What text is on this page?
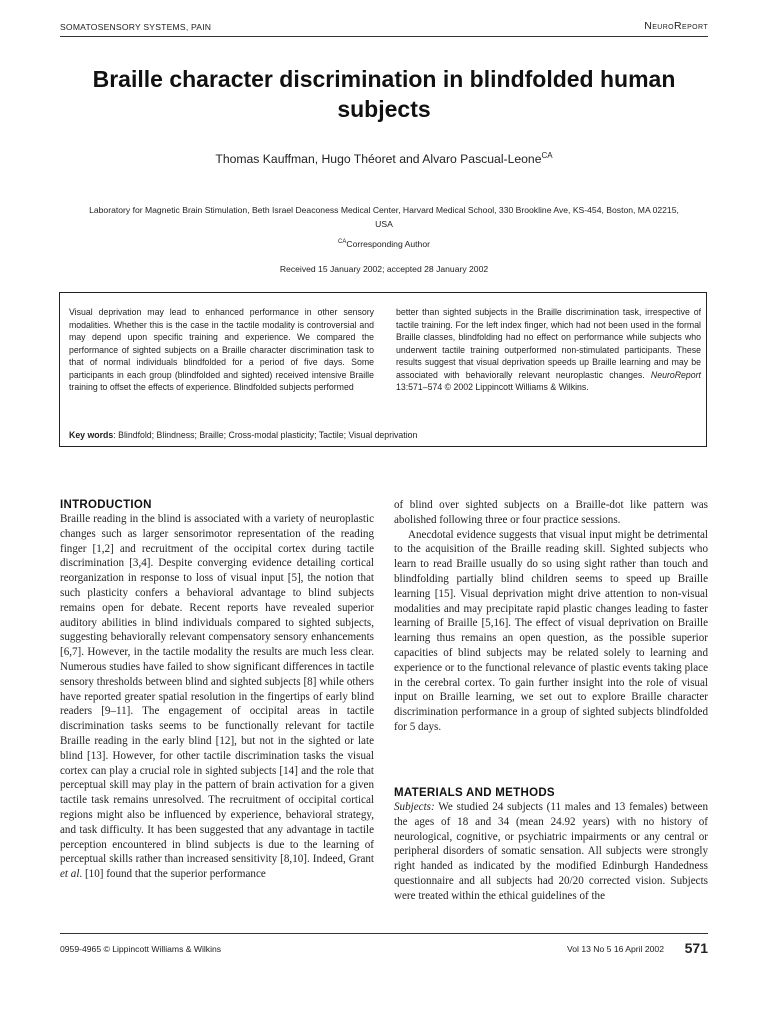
SOMATOSENSORY SYSTEMS, PAIN	NeuroReport
Braille character discrimination in blindfolded human subjects
Thomas Kauffman, Hugo Théoret and Alvaro Pascual-Leone$^{CA}$
Laboratory for Magnetic Brain Stimulation, Beth Israel Deaconess Medical Center, Harvard Medical School, 330 Brookline Ave, KS-454, Boston, MA 02215, USA
$^{CA}$Corresponding Author
Received 15 January 2002; accepted 28 January 2002

Visual deprivation may lead to enhanced performance in other sensory modalities. Whether this is the case in the tactile modality is controversial and may depend upon specific training and experience. We compared the performance of sighted subjects on a Braille character discrimination task to that of normal individuals blindfolded for a period of five days. Some participants in each group (blindfolded and sighted) received intensive Braille training to offset the effects of experience. Blindfolded subjects performed

better than sighted subjects in the Braille discrimination task, irrespective of tactile training. For the left index finger, which had not been used in the formal Braille classes, blindfolding had no effect on performance while subjects who underwent tactile training outperformed non-stimulated participants. These results suggest that visual deprivation speeds up Braille learning and may be associated with behaviorally relevant neuroplastic changes. NeuroReport 13:571–574 © 2002 Lippincott Williams & Wilkins.

Key words: Blindfold; Blindness; Braille; Cross-modal plasticity; Tactile; Visual deprivation
INTRODUCTION

Braille reading in the blind is associated with a variety of neuroplastic changes such as larger sensorimotor representation of the reading finger [1,2] and recruitment of the occipital cortex during tactile discrimination [3,4]. Despite converging evidence detailing cortical reorganization in response to loss of visual input [5], the notion that such plasticity confers a behavioral advantage to blind subjects remains open for debate. Recent reports have revealed superior auditory abilities in blind individuals compared to sighted subjects, suggesting behaviorally relevant compensatory sensory enhancements [6,7]. However, in the tactile modality the results are much less clear. Numerous studies have failed to show significant differences in tactile sensory thresholds between blind and sighted subjects [8] while others have reported greater spatial resolution in the fingertips of early blind readers [9–11]. The engagement of occipital areas in tactile discrimination tasks seems to be functionally relevant for tactile Braille reading in the early blind [12], but not in the sighted or late blind [13]. However, for other tactile discrimination tasks the visual cortex can play a crucial role in sighted subjects [14] and the role that perceptual skill may play in the pattern of brain activation for a given tactile task remains unresolved. The recruitment of occipital cortical regions might also be influenced by experience, behavioral strategy, and task difficulty. It has been suggested that any advantage in tactile perception encountered in blind subjects is due to the learning of perceptual skills rather than increased sensitivity [8,10]. Indeed, Grant et al. [10] found that the superior performance

of blind over sighted subjects on a Braille-dot like pattern was abolished following three or four practice sessions.

Anecdotal evidence suggests that visual input might be detrimental to the acquisition of the Braille reading skill. Sighted subjects who learn to read Braille usually do so using sight rather than touch and blindfolding partially blind children seems to speed up Braille learning [15]. Visual deprivation might drive attention to non-visual modalities and may precipitate rapid plastic changes leading to faster learning of Braille [5,16]. The effect of visual deprivation on Braille learning thus remains an open question, as the possible superior capacities of blind subjects may be related solely to learning and experience or to the functional relevance of plastic events taking place in the cerebral cortex. To gain further insight into the role of visual input on Braille learning, we set out to explore Braille character discrimination performance in a group of sighted subjects blindfolded for 5 days.

MATERIALS AND METHODS

Subjects: We studied 24 subjects (11 males and 13 females) between the ages of 18 and 34 (mean 24.92 years) with no history of neurological, cognitive, or psychiatric impairments or any central or peripheral disorders of somatic sensation. All subjects were strongly right handed as indicated by the modified Edinburgh Handedness questionnaire and all subjects had 20/20 corrected vision. Subjects were treated within the ethical guidelines of the

0959-4965 © Lippincott Williams & Wilkins	Vol 13 No 5 16 April 2002 571
